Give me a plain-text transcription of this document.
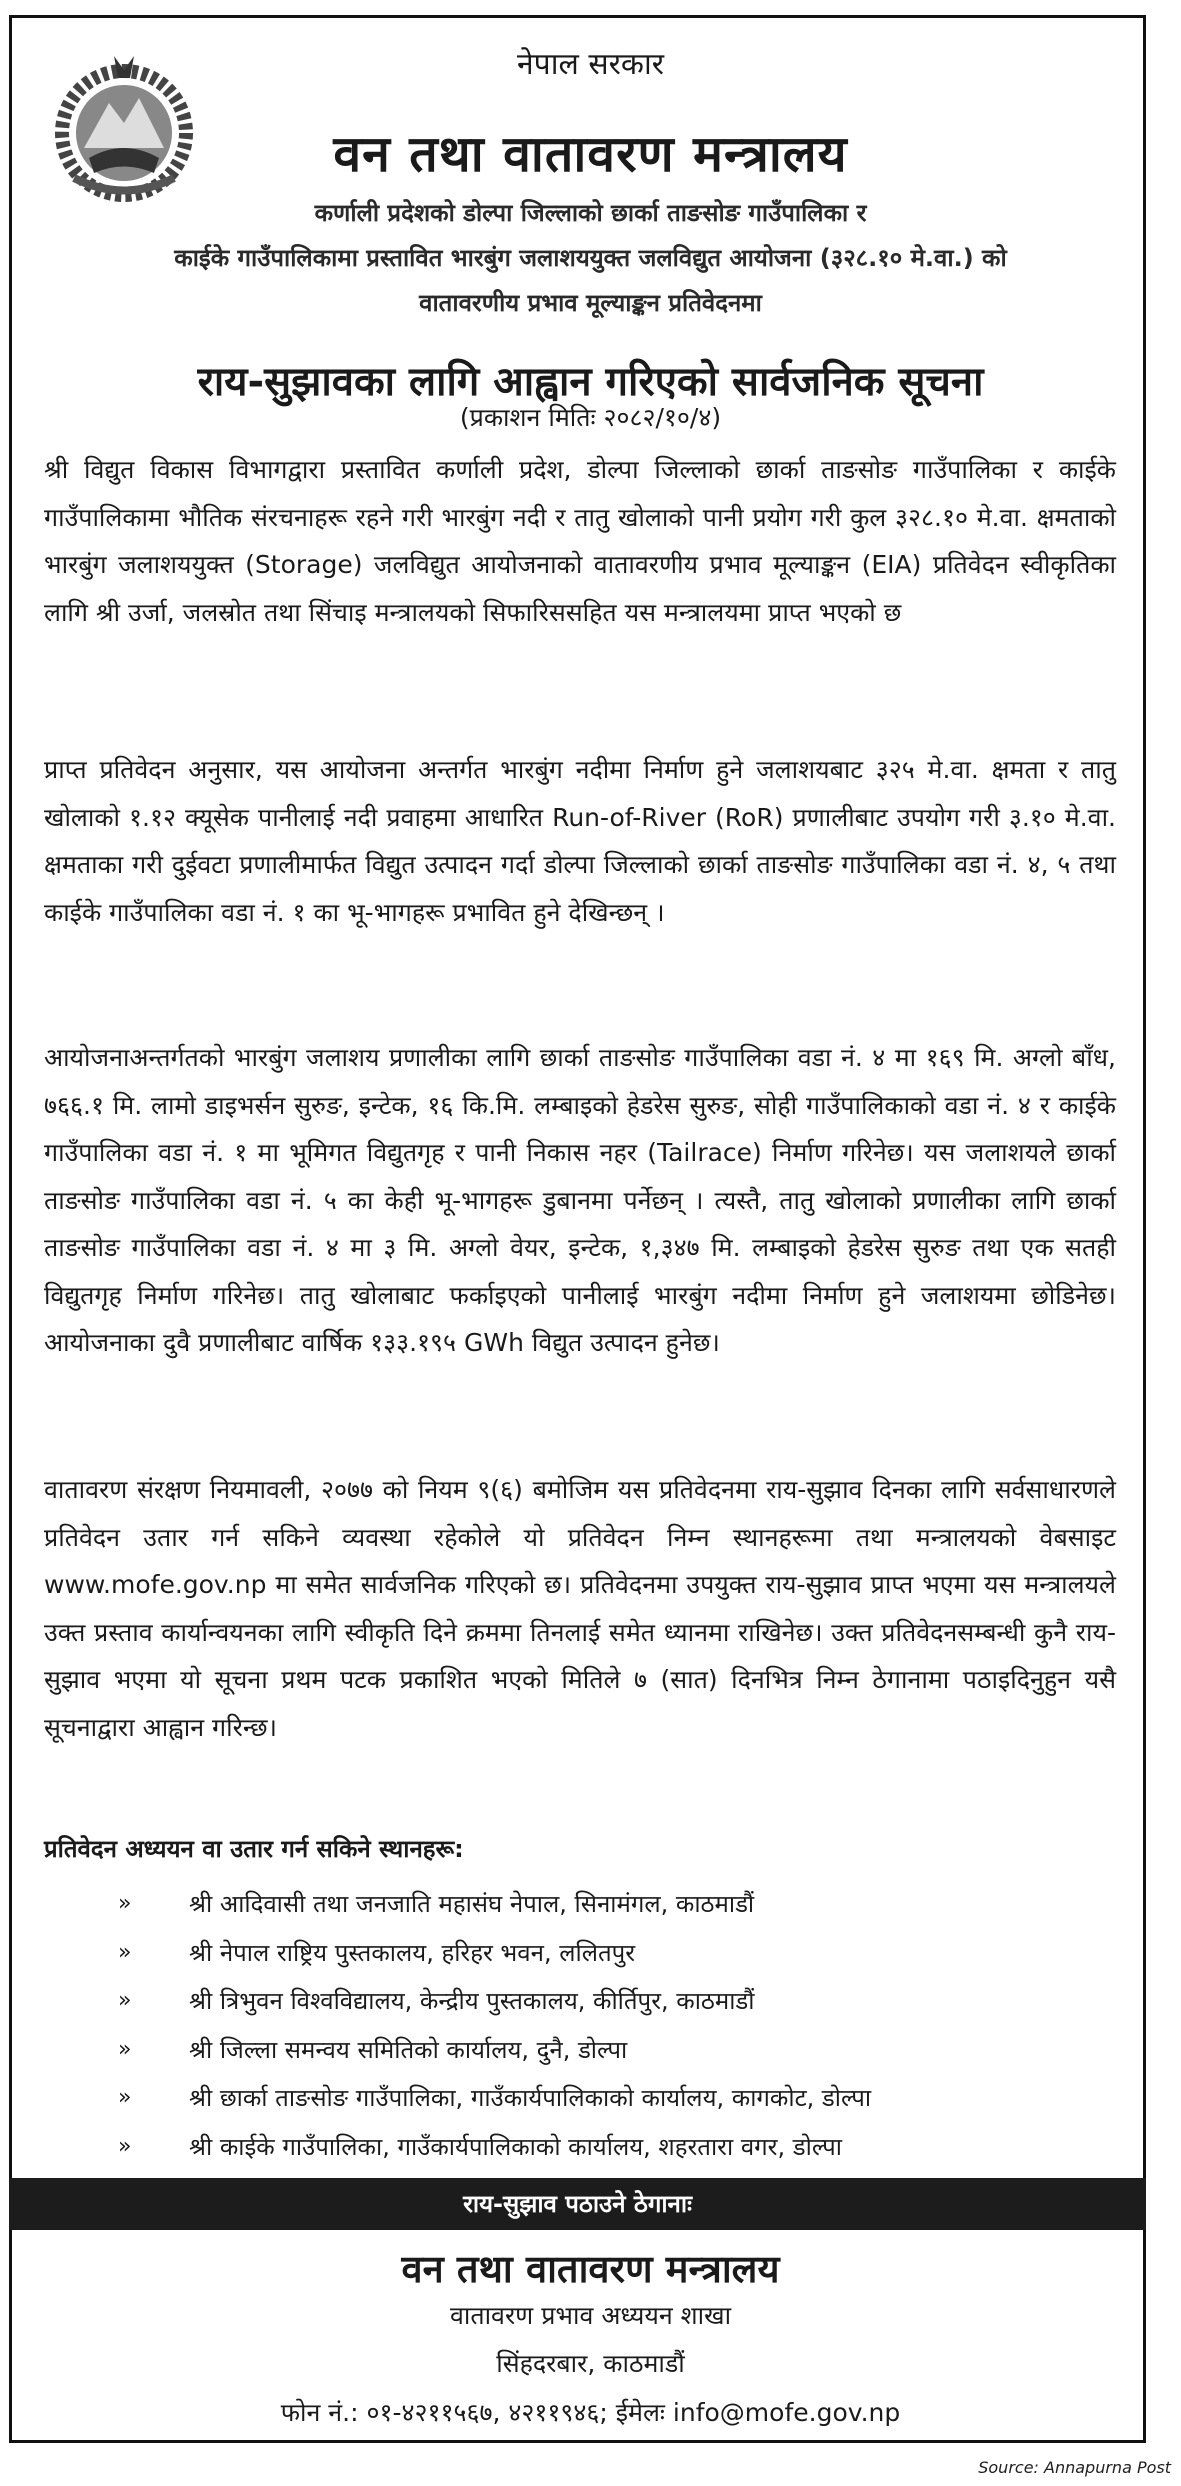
नेपाल सरकार
वन तथा वातावरण मन्त्रालय
कर्णाली प्रदेशको डोल्पा जिल्लाको छार्का ताङसोङ गाउँपालिका र
काईके गाउँपालिकामा प्रस्तावित भारबुंग जलाशययुक्त जलविद्युत आयोजना (३२८.१० मे.वा.) को
वातावरणीय प्रभाव मूल्याङ्कन प्रतिवेदनमा
राय-सुझावका लागि आह्वान गरिएको सार्वजनिक सूचना
(प्रकाशन मितिः २०८२/१०/४)

श्री विद्युत विकास विभागद्वारा प्रस्तावित कर्णाली प्रदेश, डोल्पा जिल्लाको छार्का ताङसोङ गाउँपालिका र काईके गाउँपालिकामा भौतिक संरचनाहरू रहने गरी भारबुंग नदी र तातु खोलाको पानी प्रयोग गरी कुल ३२८.१० मे.वा. क्षमताको भारबुंग जलाशययुक्त (Storage) जलविद्युत आयोजनाको वातावरणीय प्रभाव मूल्याङ्कन (EIA) प्रतिवेदन स्वीकृतिका लागि श्री उर्जा, जलस्रोत तथा सिंचाइ मन्त्रालयको सिफारिससहित यस मन्त्रालयमा प्राप्त भएको छ

प्राप्त प्रतिवेदन अनुसार, यस आयोजना अन्तर्गत भारबुंग नदीमा निर्माण हुने जलाशयबाट ३२५ मे.वा. क्षमता र तातु खोलाको १.१२ क्यूसेक पानीलाई नदी प्रवाहमा आधारित Run-of-River (RoR) प्रणालीबाट उपयोग गरी ३.१० मे.वा. क्षमताका गरी दुईवटा प्रणालीमार्फत विद्युत उत्पादन गर्दा डोल्पा जिल्लाको छार्का ताङसोङ गाउँपालिका वडा नं. ४, ५ तथा काईके गाउँपालिका वडा नं. १ का भू-भागहरू प्रभावित हुने देखिन्छन् ।

आयोजनाअन्तर्गतको भारबुंग जलाशय प्रणालीका लागि छार्का ताङसोङ गाउँपालिका वडा नं. ४ मा १६९ मि. अग्लो बाँध, ७६६.१ मि. लामो डाइभर्सन सुरुङ, इन्टेक, १६ कि.मि. लम्बाइको हेडरेस सुरुङ, सोही गाउँपालिकाको वडा नं. ४ र काईके गाउँपालिका वडा नं. १ मा भूमिगत विद्युतगृह र पानी निकास नहर (Tailrace) निर्माण गरिनेछ। यस जलाशयले छार्का ताङसोङ गाउँपालिका वडा नं. ५ का केही भू-भागहरू डुबानमा पर्नेछन् । त्यस्तै, तातु खोलाको प्रणालीका लागि छार्का ताङसोङ गाउँपालिका वडा नं. ४ मा ३ मि. अग्लो वेयर, इन्टेक, १,३४७ मि. लम्बाइको हेडरेस सुरुङ तथा एक सतही विद्युतगृह निर्माण गरिनेछ। तातु खोलाबाट फर्काइएको पानीलाई भारबुंग नदीमा निर्माण हुने जलाशयमा छोडिनेछ। आयोजनाका दुवै प्रणालीबाट वार्षिक १३३.१९५ GWh विद्युत उत्पादन हुनेछ।

वातावरण संरक्षण नियमावली, २०७७ को नियम ९(६) बमोजिम यस प्रतिवेदनमा राय-सुझाव दिनका लागि सर्वसाधारणले प्रतिवेदन उतार गर्न सकिने व्यवस्था रहेकोले यो प्रतिवेदन निम्न स्थानहरूमा तथा मन्त्रालयको वेबसाइट www.mofe.gov.np मा समेत सार्वजनिक गरिएको छ। प्रतिवेदनमा उपयुक्त राय-सुझाव प्राप्त भएमा यस मन्त्रालयले उक्त प्रस्ताव कार्यान्वयनका लागि स्वीकृति दिने क्रममा तिनलाई समेत ध्यानमा राखिनेछ। उक्त प्रतिवेदनसम्बन्धी कुनै राय-सुझाव भएमा यो सूचना प्रथम पटक प्रकाशित भएको मितिले ७ (सात) दिनभित्र निम्न ठेगानामा पठाइदिनुहुन यसै सूचनाद्वारा आह्वान गरिन्छ।

प्रतिवेदन अध्ययन वा उतार गर्न सकिने स्थानहरू:
»	श्री आदिवासी तथा जनजाति महासंघ नेपाल, सिनामंगल, काठमाडौं
»	श्री नेपाल राष्ट्रिय पुस्तकालय, हरिहर भवन, ललितपुर
»	श्री त्रिभुवन विश्वविद्यालय, केन्द्रीय पुस्तकालय, कीर्तिपुर, काठमाडौं
»	श्री जिल्ला समन्वय समितिको कार्यालय, दुनै, डोल्पा
»	श्री छार्का ताङसोङ गाउँपालिका, गाउँकार्यपालिकाको कार्यालय, कागकोट, डोल्पा
»	श्री काईके गाउँपालिका, गाउँकार्यपालिकाको कार्यालय, शहरतारा वगर, डोल्पा
राय-सुझाव पठाउने ठेगानाः
वन तथा वातावरण मन्त्रालय
वातावरण प्रभाव अध्ययन शाखा
सिंहदरबार, काठमाडौं
फोन नं.: ०१-४२११५६७, ४२११९४६; ईमेलः info@mofe.gov.np
Source: Annapurna Post
